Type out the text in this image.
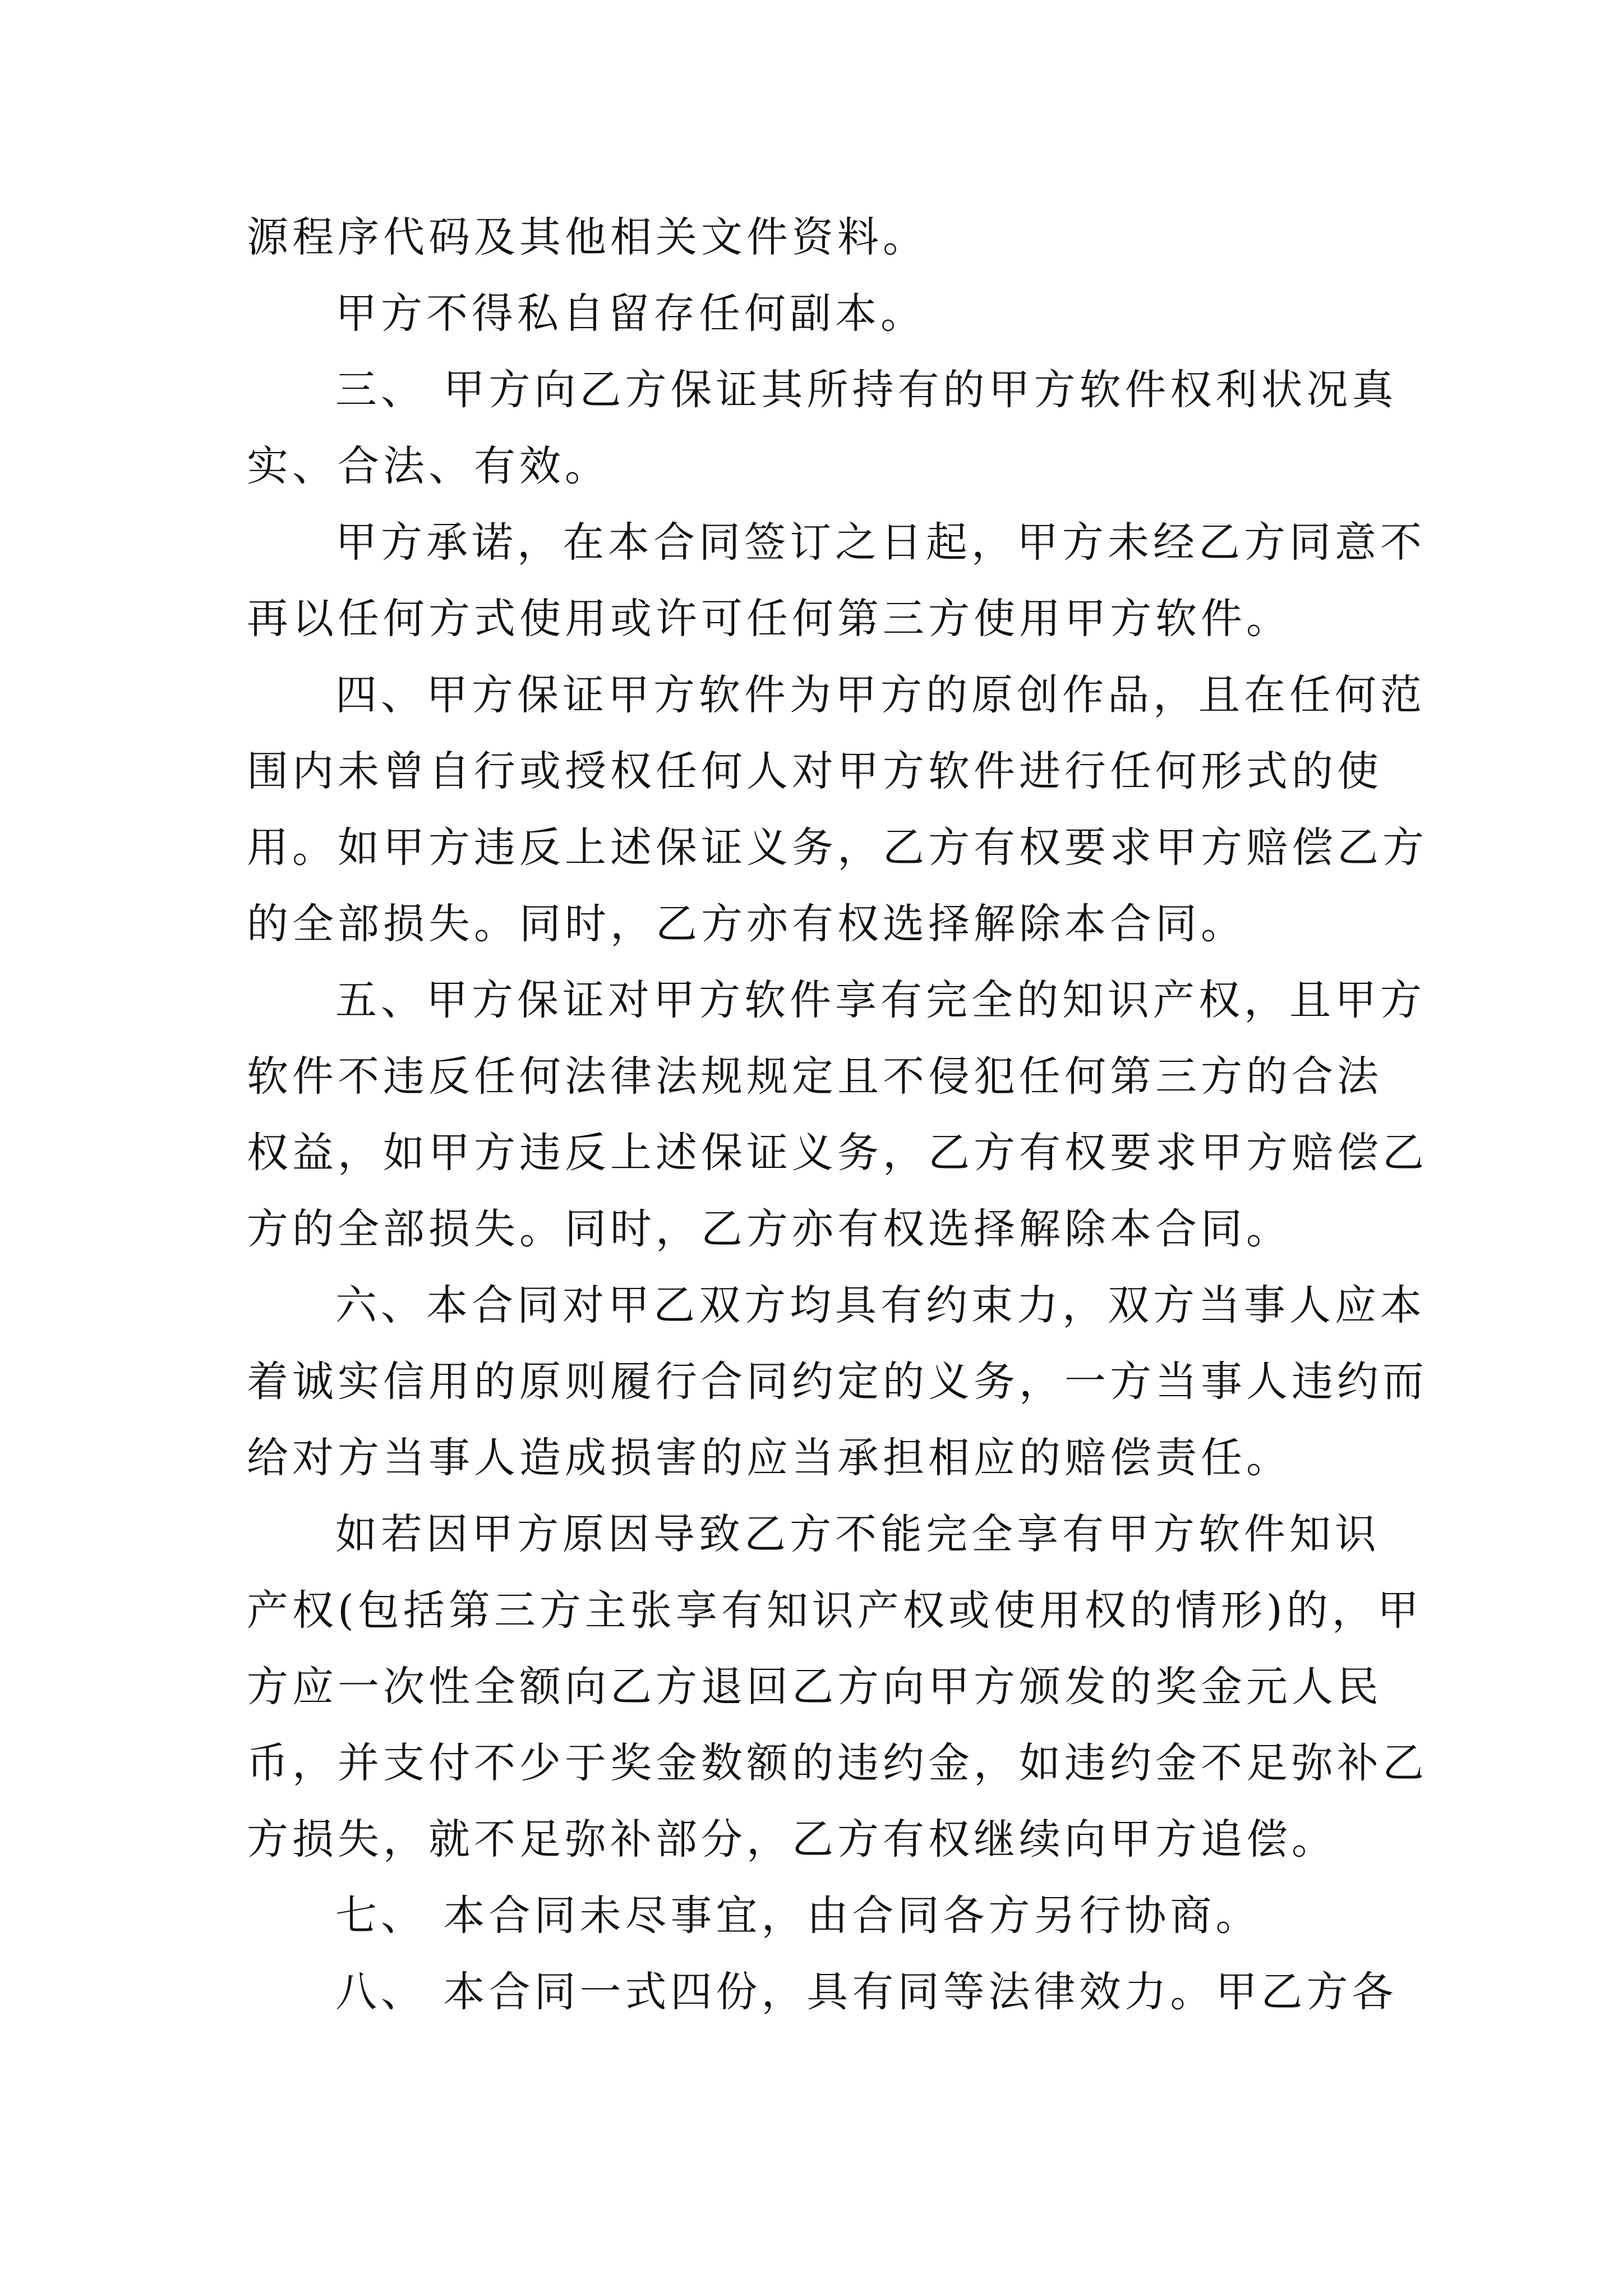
源程序代码及其他相关文件资料。
甲方不得私自留存任何副本。
三、 甲方向乙方保证其所持有的甲方软件权利状况真
实、合法、有效。
甲方承诺，在本合同签订之日起，甲方未经乙方同意不
再以任何方式使用或许可任何第三方使用甲方软件。
四、甲方保证甲方软件为甲方的原创作品，且在任何范
围内未曾自行或授权任何人对甲方软件进行任何形式的使
用。如甲方违反上述保证义务，乙方有权要求甲方赔偿乙方
的全部损失。同时，乙方亦有权选择解除本合同。
五、甲方保证对甲方软件享有完全的知识产权，且甲方
软件不违反任何法律法规规定且不侵犯任何第三方的合法
权益，如甲方违反上述保证义务，乙方有权要求甲方赔偿乙
方的全部损失。同时，乙方亦有权选择解除本合同。
六、本合同对甲乙双方均具有约束力，双方当事人应本
着诚实信用的原则履行合同约定的义务，一方当事人违约而
给对方当事人造成损害的应当承担相应的赔偿责任。
如若因甲方原因导致乙方不能完全享有甲方软件知识
产权(包括第三方主张享有知识产权或使用权的情形)的，甲
方应一次性全额向乙方退回乙方向甲方颁发的奖金元人民
币，并支付不少于奖金数额的违约金，如违约金不足弥补乙
方损失，就不足弥补部分，乙方有权继续向甲方追偿。
七、 本合同未尽事宜，由合同各方另行协商。
八、 本合同一式四份，具有同等法律效力。甲乙方各
